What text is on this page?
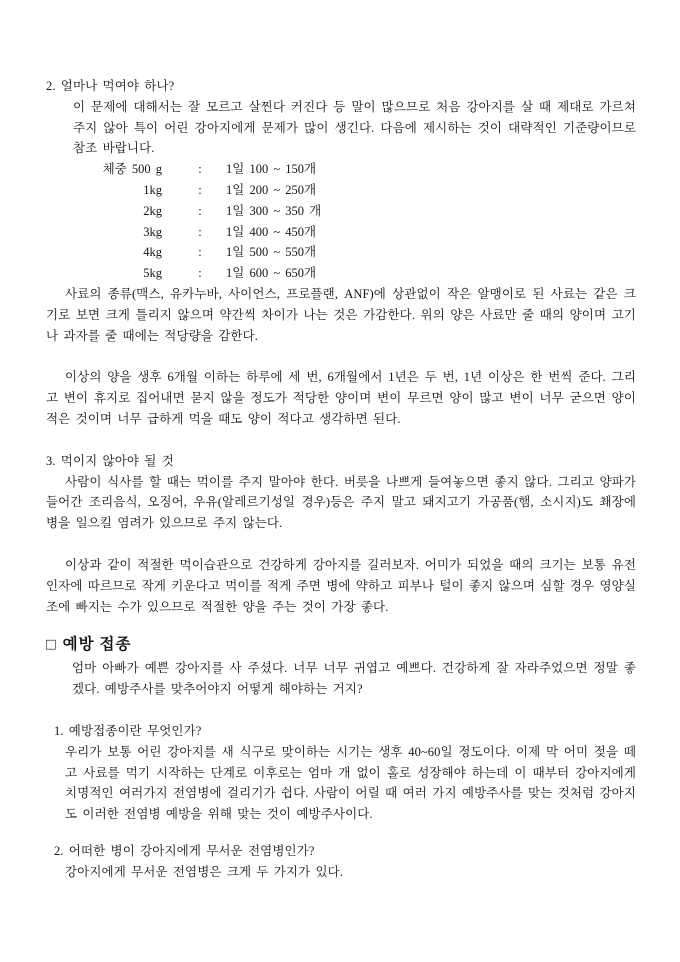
2. 얼마나 먹여야 하나?

이 문제에 대해서는 잘 모르고 살찐다 커진다 등 말이 많으므로 처음 강아지를 살 때 제대로 가르쳐 주지 않아 특이 어린 강아지에게 문제가 많이 생긴다. 다음에 제시하는 것이 대략적인 기준량이므로 참조 바랍니다.

체중 500 g	:	1일 100 ~ 150개
1kg	:	1일 200 ~ 250개
2kg	:	1일 300 ~ 350 개
3kg	:	1일 400 ~ 450개
4kg	:	1일 500 ~ 550개
5kg	:	1일 600 ~ 650개

사료의 종류(맥스, 유카누바, 사이언스, 프로플랜, ANF)에 상관없이 작은 알맹이로 된 사료는 같은 크기로 보면 크게 틀리지 않으며 약간씩 차이가 나는 것은 가감한다. 위의 양은 사료만 줄 때의 양이며 고기나 과자를 줄 때에는 적당량을 감한다.

이상의 양을 생후 6개월 이하는 하루에 세 번, 6개월에서 1년은 두 번, 1년 이상은 한 번씩 준다. 그리고 변이 휴지로 집어내면 묻지 않을 정도가 적당한 양이며 변이 무르면 양이 많고 변이 너무 굳으면 양이 적은 것이며 너무 급하게 먹을 때도 양이 적다고 생각하면 된다.

3. 먹이지 않아야 될 것

사람이 식사를 할 때는 먹이를 주지 말아야 한다. 버릇을 나쁘게 들여놓으면 좋지 않다. 그리고 양파가 들어간 조리음식, 오징어, 우유(알레르기성일 경우)등은 주지 말고 돼지고기 가공품(햄, 소시지)도 쵀장에 병을 일으킬 염려가 있으므로 주지 않는다.

이상과 같이 적절한 먹이습관으로 건강하게 강아지를 길러보자. 어미가 되었을 때의 크기는 보통 유전인자에 따르므로 작게 키운다고 먹이를 적게 주면 병에 약하고 피부나 털이 좋지 않으며 심할 경우 영양실조에 빠지는 수가 있으므로 적절한 양을 주는 것이 가장 좋다.

□ 예방 접종

엄마 아빠가 예쁜 강아지를 사 주셨다. 너무 너무 귀엽고 예쁘다. 건강하게 잘 자라주었으면 정말 좋겠다. 예방주사를 맞추어야지 어떻게 해야하는 거지?

1. 예방접종이란 무엇인가?

우리가 보통 어린 강아지를 새 식구로 맞이하는 시기는 생후 40~60일 정도이다. 이제 막 어미 젖을 떼고 사료를 먹기 시작하는 단계로 이후로는 엄마 개 없이 홀로 성장해야 하는데 이 때부터 강아지에게 치명적인 여러가지 전염병에 걸리기가 쉽다. 사람이 어릴 때 여러 가지 예방주사를 맞는 것처럼 강아지도 이러한 전염병 예방을 위해 맞는 것이 예방주사이다.

2. 어떠한 병이 강아지에게 무서운 전염병인가?

강아지에게 무서운 전염병은 크게 두 가지가 있다.
